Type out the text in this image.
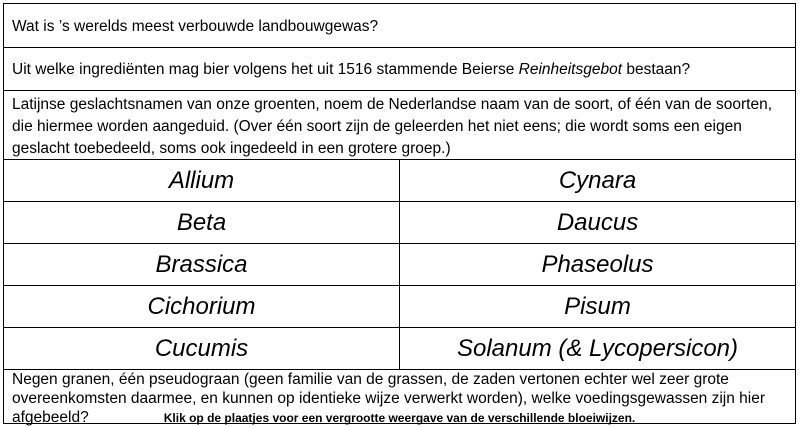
Wat is ’s werelds meest verbouwde landbouwgewas?
Uit welke ingrediënten mag bier volgens het uit 1516 stammende Beierse Reinheitsgebot bestaan?
Latijnse geslachtsnamen van onze groenten, noem de Nederlandse naam van de soort, of één van de soorten, die hiermee worden aangeduid. (Over één soort zijn de geleerden het niet eens; die wordt soms een eigen geslacht toebedeeld, soms ook ingedeeld in een grotere groep.)
Allium	Cynara
Beta	Daucus
Brassica	Phaseolus
Cichorium	Pisum
Cucumis	Solanum (& Lycopersicon)
Negen granen, één pseudograan (geen familie van de grassen, de zaden vertonen echter wel zeer grote overeenkomsten daarmee, en kunnen op identieke wijze verwerkt worden), welke voedingsgewassen zijn hier afgebeeld?	Klik op de plaatjes voor een vergrootte weergave van de verschillende bloeiwijzen.
